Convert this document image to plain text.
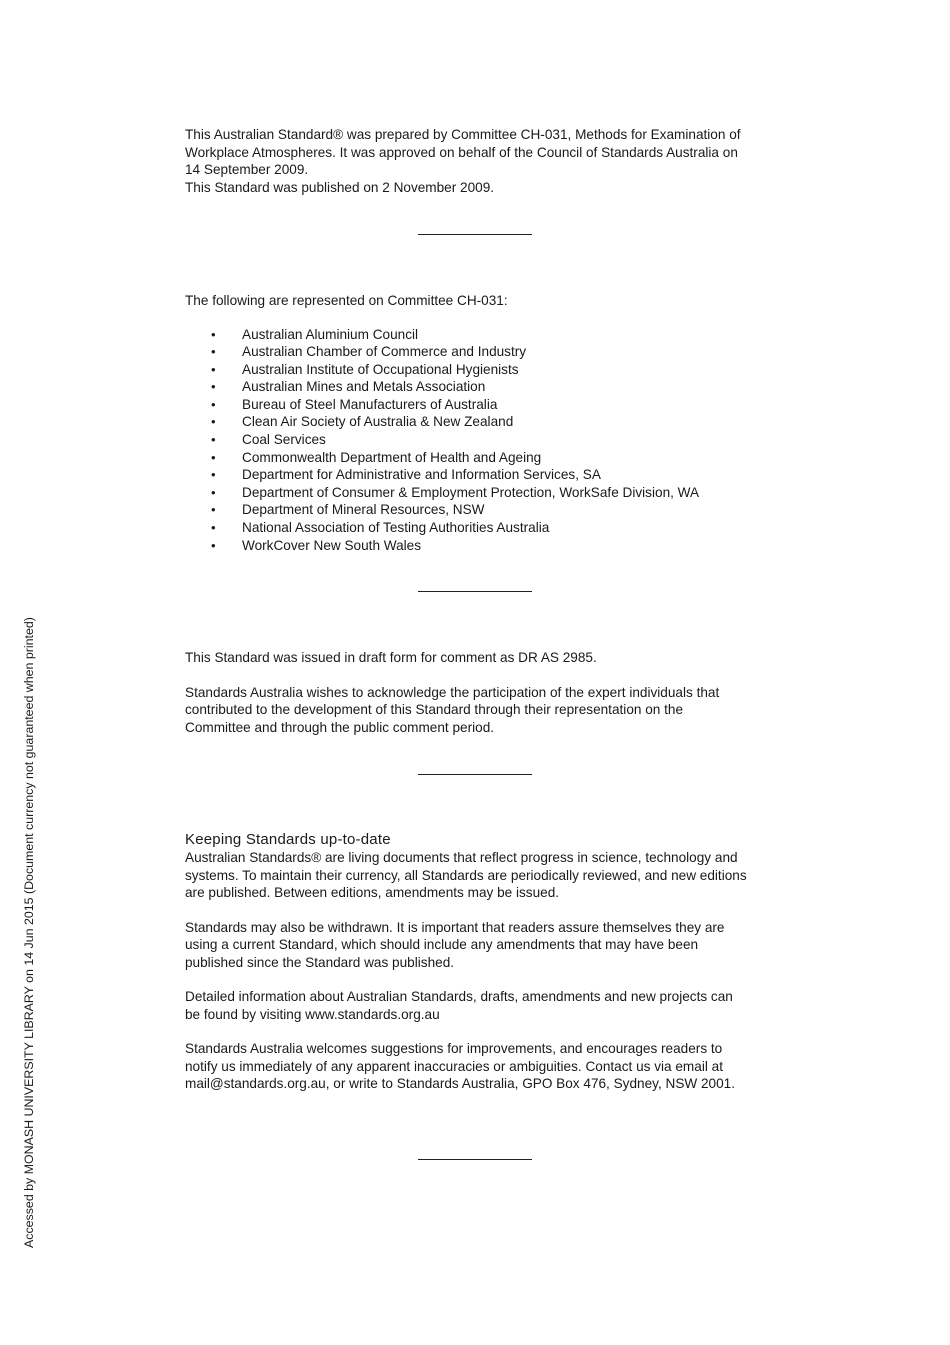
This Australian Standard® was prepared by Committee CH-031, Methods for Examination of
Workplace Atmospheres. It was approved on behalf of the Council of Standards Australia on
14 September 2009.
This Standard was published on 2 November 2009.
The following are represented on Committee CH-031:
• Australian Aluminium Council
• Australian Chamber of Commerce and Industry
• Australian Institute of Occupational Hygienists
• Australian Mines and Metals Association
• Bureau of Steel Manufacturers of Australia
• Clean Air Society of Australia & New Zealand
• Coal Services
• Commonwealth Department of Health and Ageing
• Department for Administrative and Information Services, SA
• Department of Consumer & Employment Protection, WorkSafe Division, WA
• Department of Mineral Resources, NSW
• National Association of Testing Authorities Australia
• WorkCover New South Wales
This Standard was issued in draft form for comment as DR AS 2985.
Standards Australia wishes to acknowledge the participation of the expert individuals that
contributed to the development of this Standard through their representation on the
Committee and through the public comment period.
Keeping Standards up-to-date
Australian Standards® are living documents that reflect progress in science, technology and
systems. To maintain their currency, all Standards are periodically reviewed, and new editions
are published. Between editions, amendments may be issued.
Standards may also be withdrawn. It is important that readers assure themselves they are
using a current Standard, which should include any amendments that may have been
published since the Standard was published.
Detailed information about Australian Standards, drafts, amendments and new projects can
be found by visiting www.standards.org.au
Standards Australia welcomes suggestions for improvements, and encourages readers to
notify us immediately of any apparent inaccuracies or ambiguities. Contact us via email at
mail@standards.org.au, or write to Standards Australia, GPO Box 476, Sydney, NSW 2001.
Accessed by MONASH UNIVERSITY LIBRARY on 14 Jun 2015 (Document currency not guaranteed when printed)
